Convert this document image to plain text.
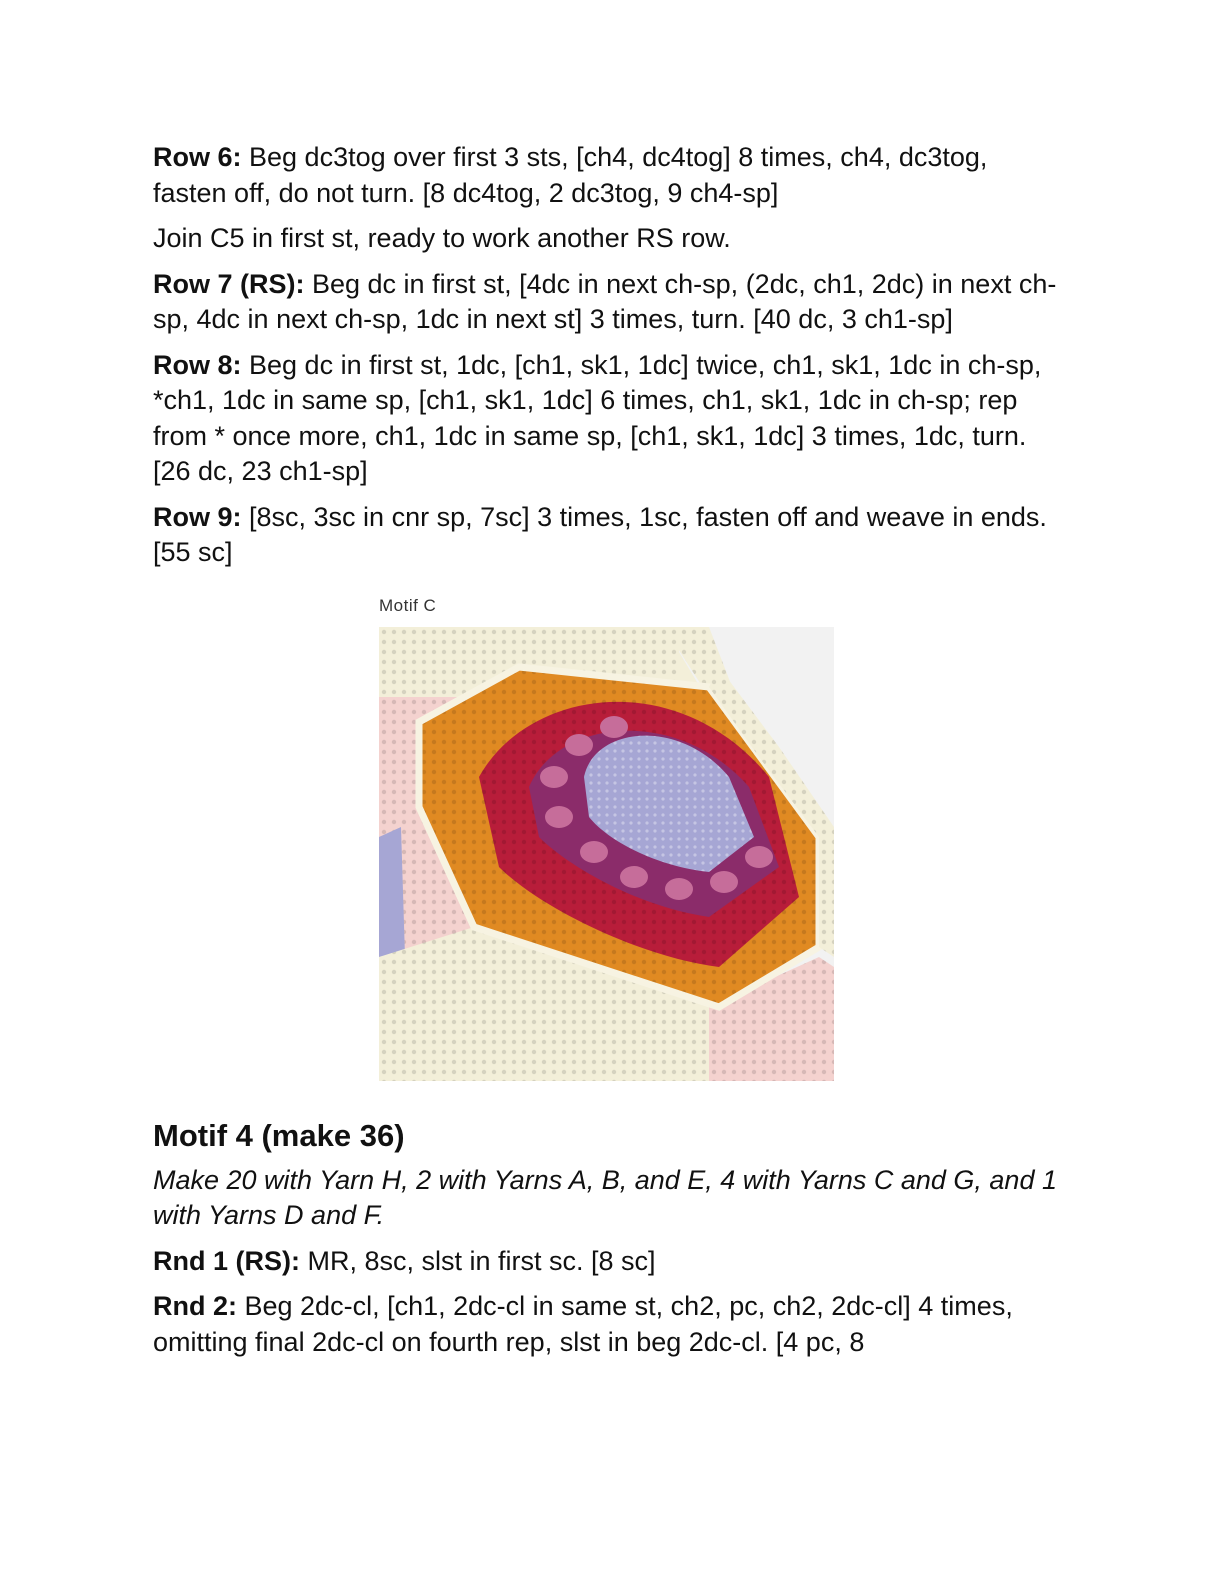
Row 6: Beg dc3tog over first 3 sts, [ch4, dc4tog] 8 times, ch4, dc3tog, fasten off, do not turn. [8 dc4tog, 2 dc3tog, 9 ch4-sp]

Join C5 in first st, ready to work another RS row.

Row 7 (RS): Beg dc in first st, [4dc in next ch-sp, (2dc, ch1, 2dc) in next ch-sp, 4dc in next ch-sp, 1dc in next st] 3 times, turn. [40 dc, 3 ch1-sp]

Row 8: Beg dc in first st, 1dc, [ch1, sk1, 1dc] twice, ch1, sk1, 1dc in ch-sp, *ch1, 1dc in same sp, [ch1, sk1, 1dc] 6 times, ch1, sk1, 1dc in ch-sp; rep from * once more, ch1, 1dc in same sp, [ch1, sk1, 1dc] 3 times, 1dc, turn. [26 dc, 23 ch1-sp]

Row 9: [8sc, 3sc in cnr sp, 7sc] 3 times, 1sc, fasten off and weave in ends. [55 sc]

Motif C
Motif 4 (make 36)

Make 20 with Yarn H, 2 with Yarns A, B, and E, 4 with Yarns C and G, and 1 with Yarns D and F.

Rnd 1 (RS): MR, 8sc, slst in first sc. [8 sc]

Rnd 2: Beg 2dc-cl, [ch1, 2dc-cl in same st, ch2, pc, ch2, 2dc-cl] 4 times, omitting final 2dc-cl on fourth rep, slst in beg 2dc-cl. [4 pc, 8
